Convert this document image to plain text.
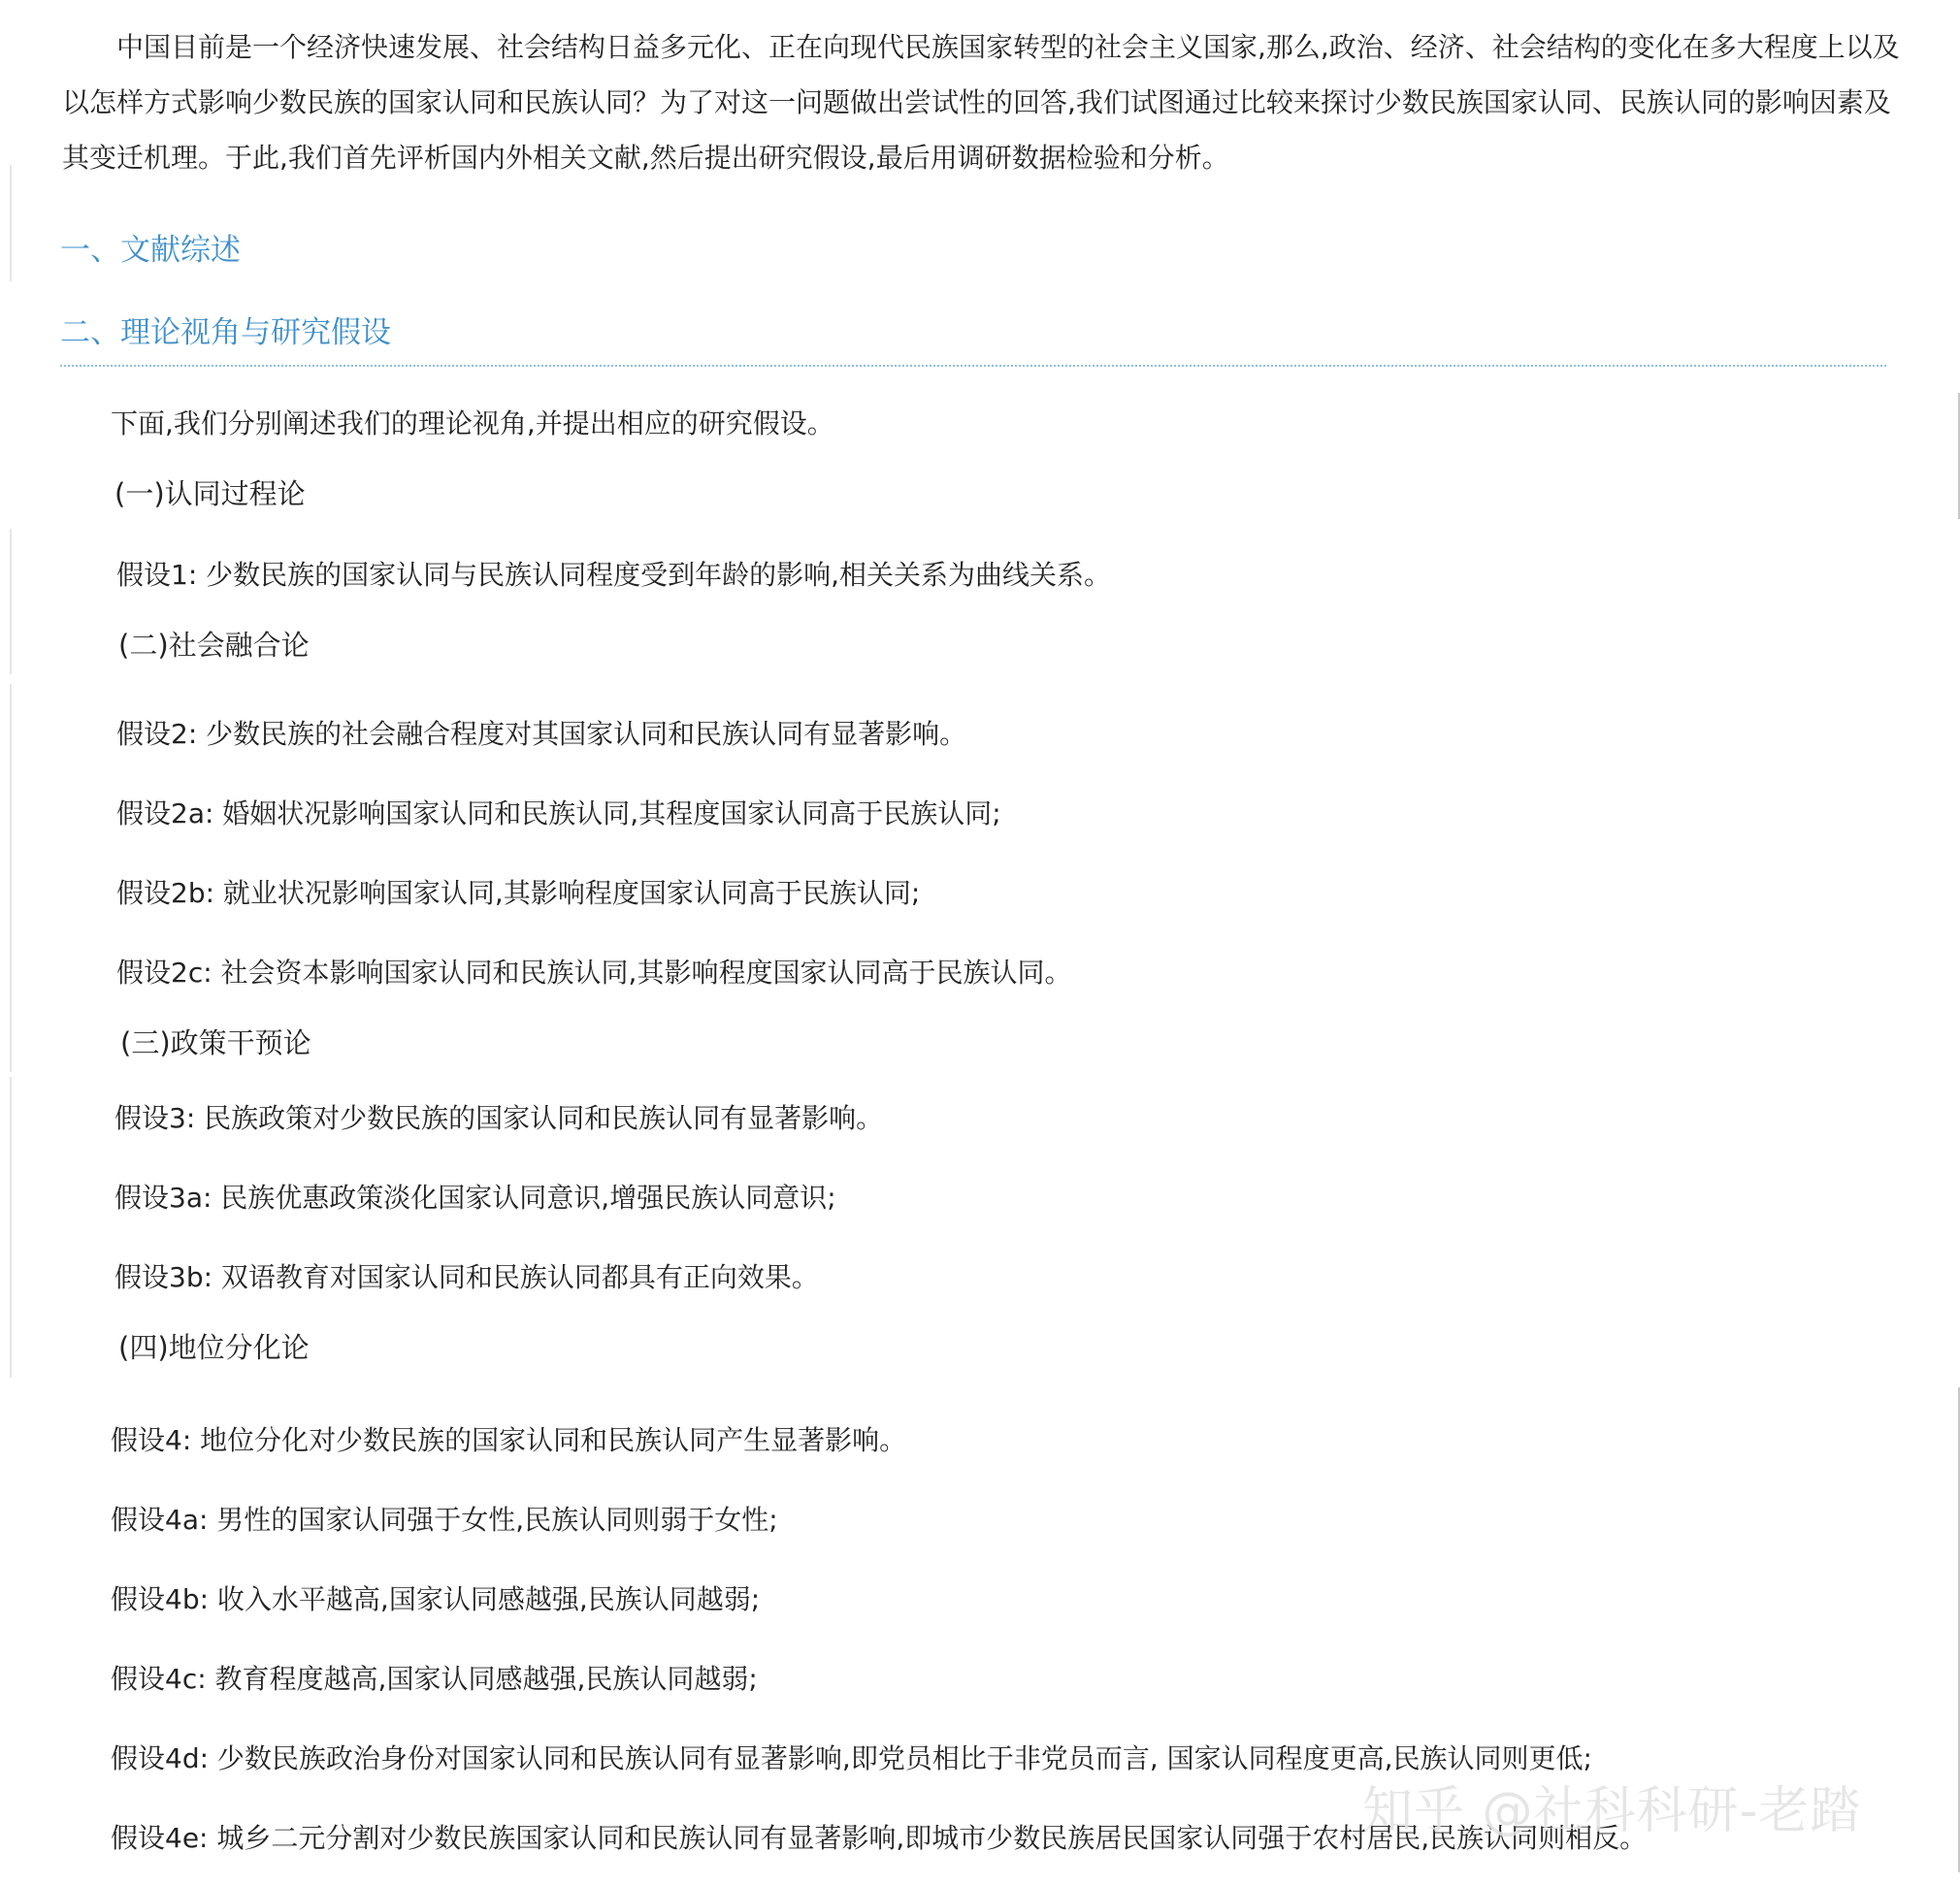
中国目前是一个经济快速发展、社会结构日益多元化、正在向现代民族国家转型的社会主义国家,那么,政治、经济、社会结构的变化在多大程度上以及以怎样方式影响少数民族的国家认同和民族认同？为了对这一问题做出尝试性的回答,我们试图通过比较来探讨少数民族国家认同、民族认同的影响因素及其变迁机理。于此,我们首先评析国内外相关文献,然后提出研究假设,最后用调研数据检验和分析。

一、文献综述
二、理论视角与研究假设

下面,我们分别阐述我们的理论视角,并提出相应的研究假设。

(一)认同过程论

假设1: 少数民族的国家认同与民族认同程度受到年龄的影响,相关关系为曲线关系。

(二)社会融合论

假设2: 少数民族的社会融合程度对其国家认同和民族认同有显著影响。

假设2a: 婚姻状况影响国家认同和民族认同,其程度国家认同高于民族认同;

假设2b: 就业状况影响国家认同,其影响程度国家认同高于民族认同;

假设2c: 社会资本影响国家认同和民族认同,其影响程度国家认同高于民族认同。

(三)政策干预论

假设3: 民族政策对少数民族的国家认同和民族认同有显著影响。

假设3a: 民族优惠政策淡化国家认同意识,增强民族认同意识;

假设3b: 双语教育对国家认同和民族认同都具有正向效果。

(四)地位分化论

假设4: 地位分化对少数民族的国家认同和民族认同产生显著影响。

假设4a: 男性的国家认同强于女性,民族认同则弱于女性;

假设4b: 收入水平越高,国家认同感越强,民族认同越弱;

假设4c: 教育程度越高,国家认同感越强,民族认同越弱;

假设4d: 少数民族政治身份对国家认同和民族认同有显著影响,即党员相比于非党员而言, 国家认同程度更高,民族认同则更低;

假设4e: 城乡二元分割对少数民族国家认同和民族认同有显著影响,即城市少数民族居民国家认同强于农村居民,民族认同则相反。

知乎 @社科科研-老踏
